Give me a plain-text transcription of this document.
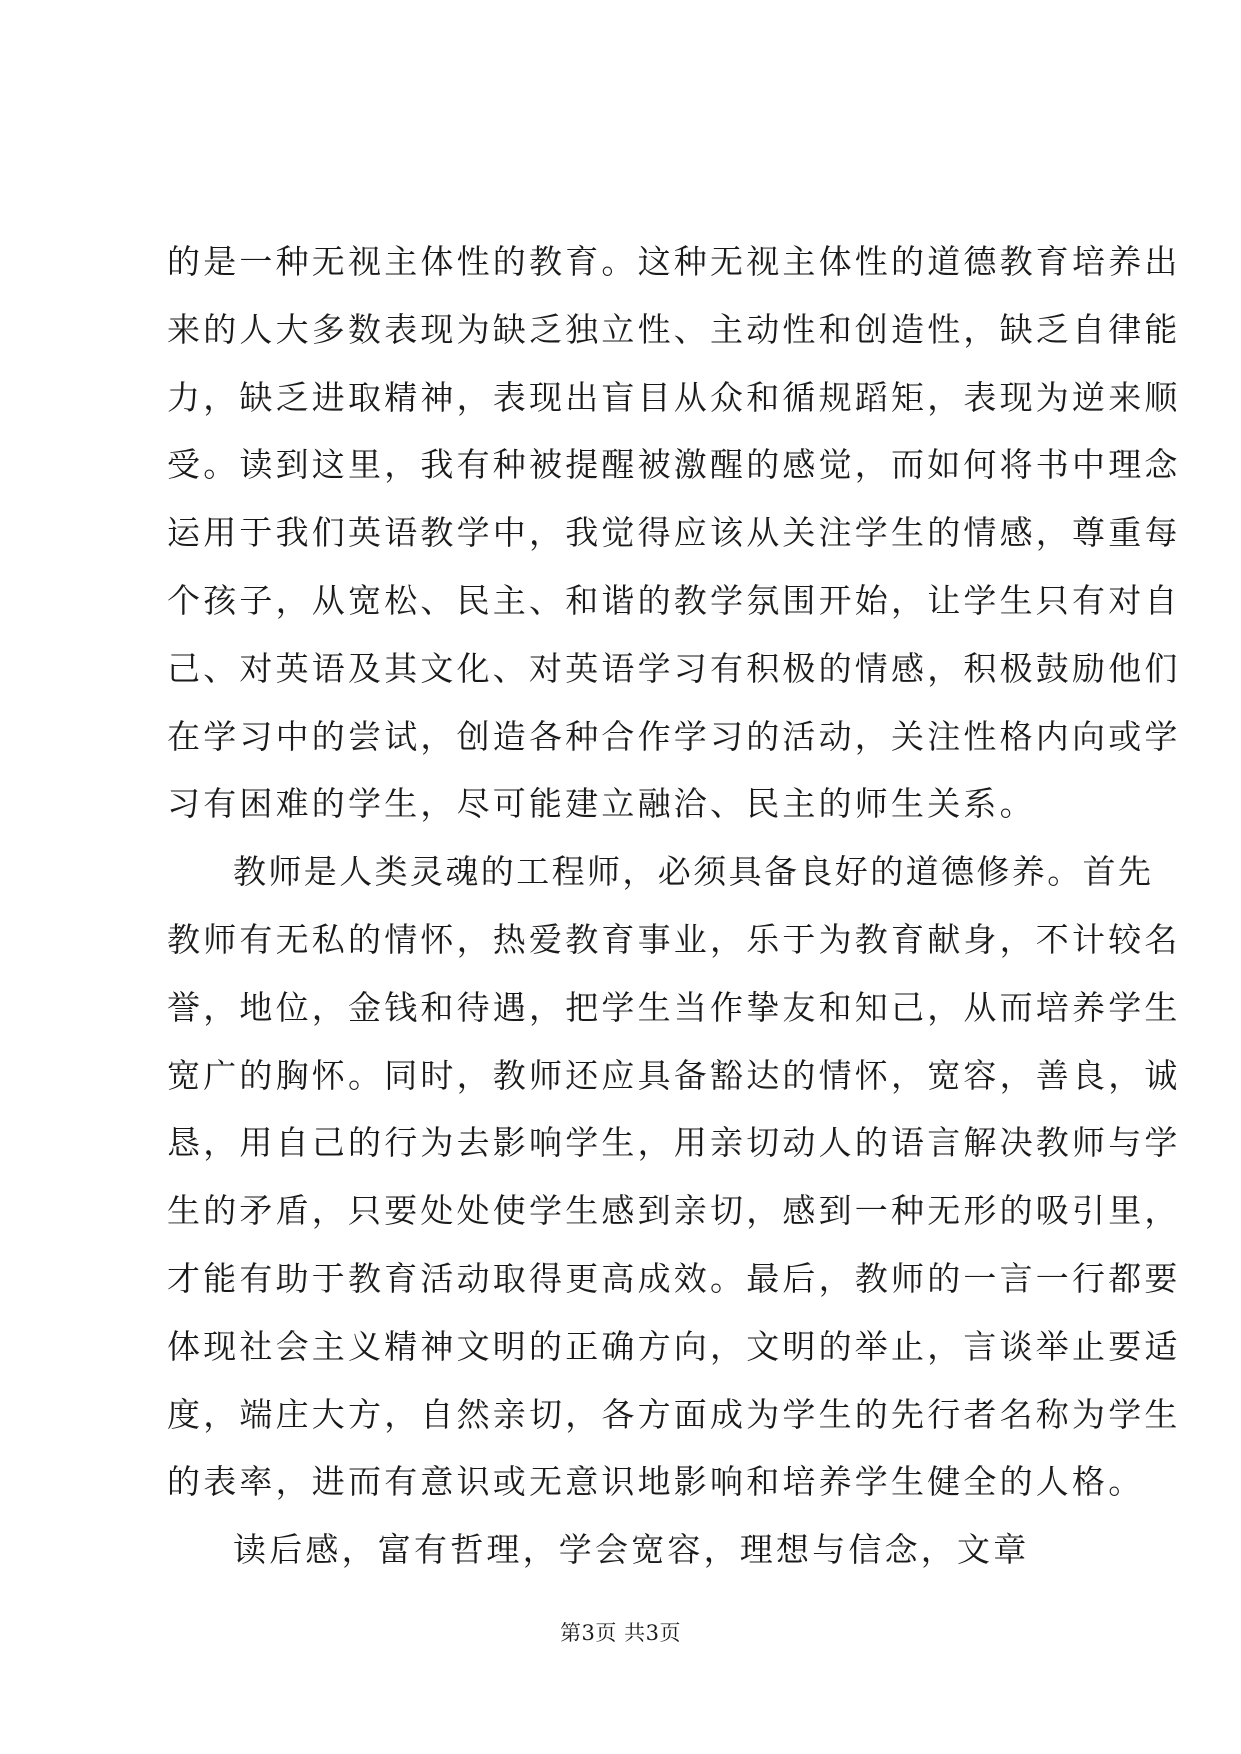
的是一种无视主体性的教育。这种无视主体性的道德教育培养出
来的人大多数表现为缺乏独立性、主动性和创造性，缺乏自律能
力，缺乏进取精神，表现出盲目从众和循规蹈矩，表现为逆来顺
受。读到这里，我有种被提醒被激醒的感觉，而如何将书中理念
运用于我们英语教学中，我觉得应该从关注学生的情感，尊重每
个孩子，从宽松、民主、和谐的教学氛围开始，让学生只有对自
己、对英语及其文化、对英语学习有积极的情感，积极鼓励他们
在学习中的尝试，创造各种合作学习的活动，关注性格内向或学
习有困难的学生，尽可能建立融洽、民主的师生关系。
教师是人类灵魂的工程师，必须具备良好的道德修养。首先
教师有无私的情怀，热爱教育事业，乐于为教育献身，不计较名
誉，地位，金钱和待遇，把学生当作挚友和知己，从而培养学生
宽广的胸怀。同时，教师还应具备豁达的情怀，宽容，善良，诚
恳，用自己的行为去影响学生，用亲切动人的语言解决教师与学
生的矛盾，只要处处使学生感到亲切，感到一种无形的吸引里，
才能有助于教育活动取得更高成效。最后，教师的一言一行都要
体现社会主义精神文明的正确方向，文明的举止，言谈举止要适
度，端庄大方，自然亲切，各方面成为学生的先行者名称为学生
的表率，进而有意识或无意识地影响和培养学生健全的人格。
读后感，富有哲理，学会宽容，理想与信念，文章
第3页 共3页
